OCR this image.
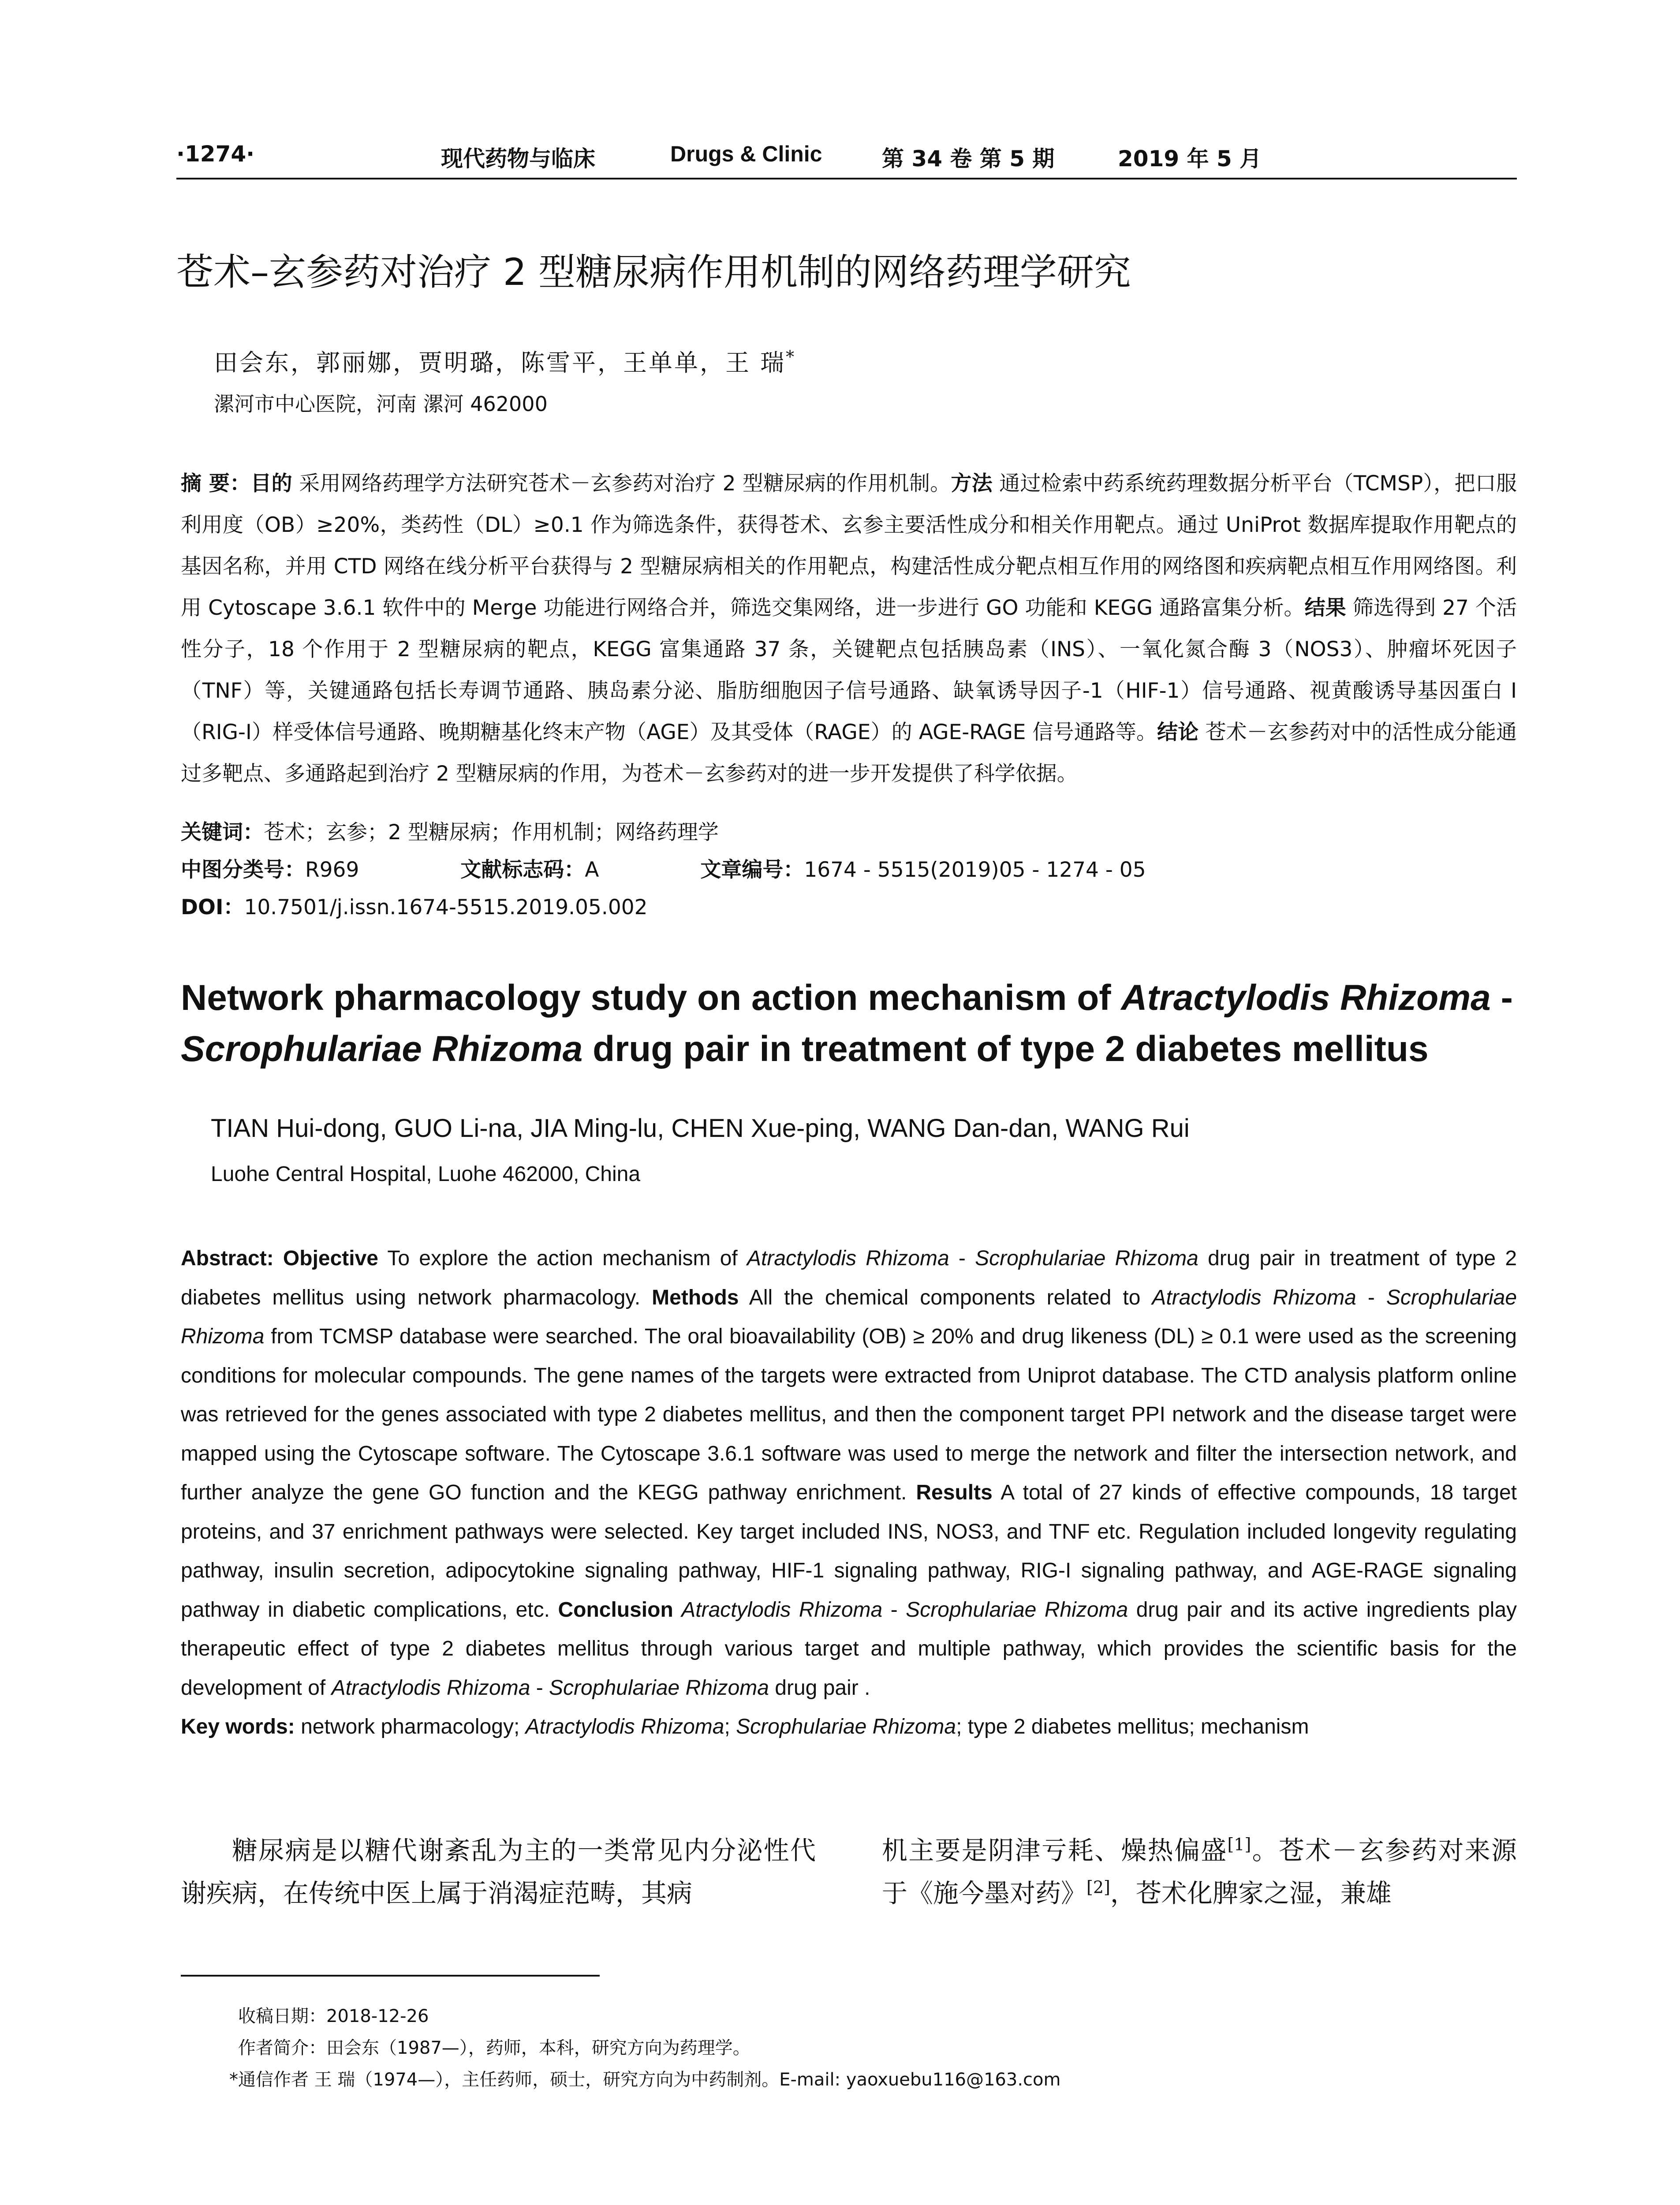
·1274·	现代药物与临床	Drugs & Clinic	第 34 卷 第 5 期	2019 年 5 月
苍术–玄参药对治疗 2 型糖尿病作用机制的网络药理学研究
田会东，郭丽娜，贾明璐，陈雪平，王单单，王 瑞*
漯河市中心医院，河南 漯河 462000

摘 要：目的 采用网络药理学方法研究苍术－玄参药对治疗 2 型糖尿病的作用机制。方法 通过检索中药系统药理数据分析平台（TCMSP），把口服利用度（OB）≥20%，类药性（DL）≥0.1 作为筛选条件，获得苍术、玄参主要活性成分和相关作用靶点。通过 UniProt 数据库提取作用靶点的基因名称，并用 CTD 网络在线分析平台获得与 2 型糖尿病相关的作用靶点，构建活性成分靶点相互作用的网络图和疾病靶点相互作用网络图。利用 Cytoscape 3.6.1 软件中的 Merge 功能进行网络合并，筛选交集网络，进一步进行 GO 功能和 KEGG 通路富集分析。结果 筛选得到 27 个活性分子，18 个作用于 2 型糖尿病的靶点，KEGG 富集通路 37 条，关键靶点包括胰岛素（INS）、一氧化氮合酶 3（NOS3）、肿瘤坏死因子（TNF）等，关键通路包括长寿调节通路、胰岛素分泌、脂肪细胞因子信号通路、缺氧诱导因子-1（HIF-1）信号通路、视黄酸诱导基因蛋白 I（RIG-I）样受体信号通路、晚期糖基化终末产物（AGE）及其受体（RAGE）的 AGE-RAGE 信号通路等。结论 苍术－玄参药对中的活性成分能通过多靶点、多通路起到治疗 2 型糖尿病的作用，为苍术－玄参药对的进一步开发提供了科学依据。

关键词：苍术；玄参；2 型糖尿病；作用机制；网络药理学
中图分类号：R969	文献标志码：A	文章编号：1674 - 5515(2019)05 - 1274 - 05
DOI：10.7501/j.issn.1674-5515.2019.05.002
Network pharmacology study on action mechanism of Atractylodis Rhizoma - Scrophulariae Rhizoma drug pair in treatment of type 2 diabetes mellitus
TIAN Hui-dong, GUO Li-na, JIA Ming-lu, CHEN Xue-ping, WANG Dan-dan, WANG Rui
Luohe Central Hospital, Luohe 462000, China

Abstract: Objective To explore the action mechanism of Atractylodis Rhizoma - Scrophulariae Rhizoma drug pair in treatment of type 2 diabetes mellitus using network pharmacology. Methods All the chemical components related to Atractylodis Rhizoma - Scrophulariae Rhizoma from TCMSP database were searched. The oral bioavailability (OB) ≥ 20% and drug likeness (DL) ≥ 0.1 were used as the screening conditions for molecular compounds. The gene names of the targets were extracted from Uniprot database. The CTD analysis platform online was retrieved for the genes associated with type 2 diabetes mellitus, and then the component target PPI network and the disease target were mapped using the Cytoscape software. The Cytoscape 3.6.1 software was used to merge the network and filter the intersection network, and further analyze the gene GO function and the KEGG pathway enrichment. Results A total of 27 kinds of effective compounds, 18 target proteins, and 37 enrichment pathways were selected. Key target included INS, NOS3, and TNF etc. Regulation included longevity regulating pathway, insulin secretion, adipocytokine signaling pathway, HIF-1 signaling pathway, RIG-I signaling pathway, and AGE-RAGE signaling pathway in diabetic complications, etc. Conclusion Atractylodis Rhizoma - Scrophulariae Rhizoma drug pair and its active ingredients play therapeutic effect of type 2 diabetes mellitus through various target and multiple pathway, which provides the scientific basis for the development of Atractylodis Rhizoma - Scrophulariae Rhizoma drug pair .

Key words: network pharmacology; Atractylodis Rhizoma; Scrophulariae Rhizoma; type 2 diabetes mellitus; mechanism

糖尿病是以糖代谢紊乱为主的一类常见内分泌性代谢疾病，在传统中医上属于消渴症范畴，其病

机主要是阴津亏耗、燥热偏盛[1]。苍术－玄参药对来源于《施今墨对药》[2]，苍术化脾家之湿，兼雄

收稿日期：2018-12-26
作者简介：田会东（1987—），药师，本科，研究方向为药理学。
*通信作者 王 瑞（1974—），主任药师，硕士，研究方向为中药制剂。E-mail: yaoxuebu116@163.com
